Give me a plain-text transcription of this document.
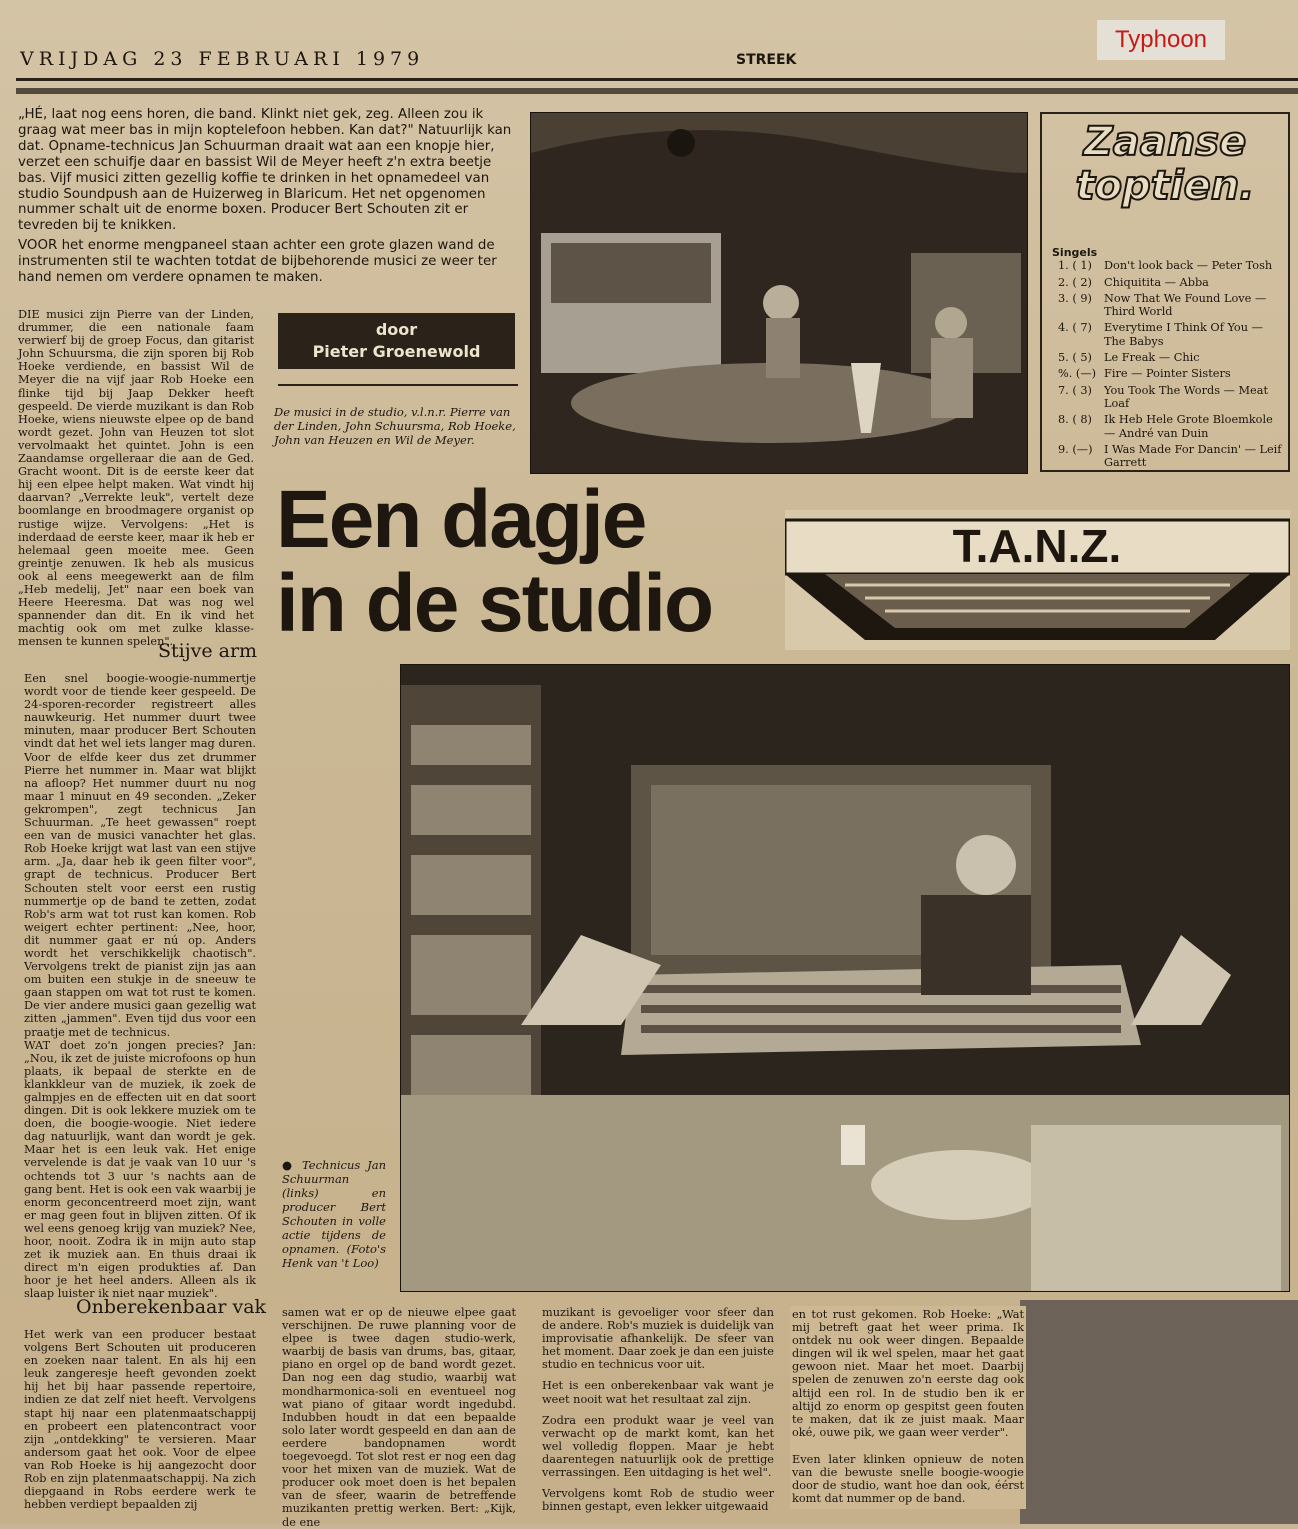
VRIJDAG 23 FEBRUARI 1979	STREEK
Typhoon

„HÉ, laat nog eens horen, die band. Klinkt niet gek, zeg. Alleen zou ik graag wat meer bas in mijn koptelefoon hebben. Kan dat?" Natuurlijk kan dat. Opname-technicus Jan Schuurman draait wat aan een knopje hier, verzet een schuifje daar en bassist Wil de Meyer heeft z'n extra beetje bas. Vijf musici zitten gezellig koffie te drinken in het opnamedeel van studio Soundpush aan de Huizerweg in Blaricum. Het net opgenomen nummer schalt uit de enorme boxen. Producer Bert Schouten zit er tevreden bij te knikken.

VOOR het enorme mengpaneel staan achter een grote glazen wand de instrumenten stil te wachten totdat de bijbehorende musici ze weer ter hand nemen om verdere opnamen te maken.

door
Pieter Groenewold
De musici in de studio, v.l.n.r. Pierre van der Linden, John Schuursma, Rob Hoeke, John van Heuzen en Wil de Meyer.

DIE musici zijn Pierre van der Linden, drummer, die een nationale faam verwierf bij de groep Focus, dan gitarist John Schuursma, die zijn sporen bij Rob Hoeke verdiende, en bassist Wil de Meyer die na vijf jaar Rob Hoeke een flinke tijd bij Jaap Dekker heeft gespeeld. De vierde muzikant is dan Rob Hoeke, wiens nieuwste elpee op de band wordt gezet. John van Heuzen tot slot vervolmaakt het quintet. John is een Zaandamse orgelleraar die aan de Ged. Gracht woont. Dit is de eerste keer dat hij een elpee helpt maken. Wat vindt hij daarvan? „Verrekte leuk", vertelt deze boomlange en broodmagere organist op rustige wijze. Vervolgens: „Het is inderdaad de eerste keer, maar ik heb er helemaal geen moeite mee. Geen greintje zenuwen. Ik heb als musicus ook al eens meegewerkt aan de film „Heb medelij, Jet" naar een boek van Heere Heeresma. Dat was nog wel spannender dan dit. En ik vind het machtig ook om met zulke klasse-mensen te kunnen spelen".

Een dagje
in de studio
Stijve arm

Een snel boogie-woogie-nummertje wordt voor de tiende keer gespeeld. De 24-sporen-recorder registreert alles nauwkeurig. Het nummer duurt twee minuten, maar producer Bert Schouten vindt dat het wel iets langer mag duren. Voor de elfde keer dus zet drummer Pierre het nummer in. Maar wat blijkt na afloop? Het nummer duurt nu nog maar 1 minuut en 49 seconden. „Zeker gekrompen", zegt technicus Jan Schuurman. „Te heet gewassen" roept een van de musici vanachter het glas. Rob Hoeke krijgt wat last van een stijve arm. „Ja, daar heb ik geen filter voor", grapt de technicus. Producer Bert Schouten stelt voor eerst een rustig nummertje op de band te zetten, zodat Rob's arm wat tot rust kan komen. Rob weigert echter pertinent: „Nee, hoor, dit nummer gaat er nú op. Anders wordt het verschikkelijk chaotisch". Vervolgens trekt de pianist zijn jas aan om buiten een stukje in de sneeuw te gaan stappen om wat tot rust te komen. De vier andere musici gaan gezellig wat zitten „jammen". Even tijd dus voor een praatje met de technicus.

WAT doet zo'n jongen precies? Jan: „Nou, ik zet de juiste microfoons op hun plaats, ik bepaal de sterkte en de klankkleur van de muziek, ik zoek de galmpjes en de effecten uit en dat soort dingen. Dit is ook lekkere muziek om te doen, die boogie-woogie. Niet iedere dag natuurlijk, want dan wordt je gek. Maar het is een leuk vak. Het enige vervelende is dat je vaak van 10 uur 's ochtends tot 3 uur 's nachts aan de gang bent. Het is ook een vak waarbij je enorm geconcentreerd moet zijn, want er mag geen fout in blijven zitten. Of ik wel eens genoeg krijg van muziek? Nee, hoor, nooit. Zodra ik in mijn auto stap zet ik muziek aan. En thuis draai ik direct m'n eigen produkties af. Dan hoor je het heel anders. Alleen als ik slaap luister ik niet naar muziek".

Zaanse
toptien.
Singels
1. ( 1)	Don't look back — Peter Tosh
2. ( 2)	Chiquitita — Abba
3. ( 9)	Now That We Found Love — Third World
4. ( 7)	Everytime I Think Of You — The Babys
5. ( 5)	Le Freak — Chic
%. (—) Fire — Pointer Sisters
7. ( 3)	You Took The Words — Meat Loaf
8. ( 8)	Ik Heb Hele Grote Bloemkole — André van Duin
9. (—)	I Was Made For Dancin' — Leif Garrett
T.A.N.Z.
● Technicus Jan Schuurman (links) en producer Bert Schouten in volle actie tijdens de opnamen. (Foto's Henk van 't Loo)
Onberekenbaar vak

Het werk van een producer bestaat volgens Bert Schouten uit produceren en zoeken naar talent. En als hij een leuk zangeresje heeft gevonden zoekt hij het bij haar passende repertoire, indien ze dat zelf niet heeft. Vervolgens stapt hij naar een platenmaatschappij en probeert een platencontract voor zijn „ontdekking" te versieren. Maar andersom gaat het ook. Voor de elpee van Rob Hoeke is hij aangezocht door Rob en zijn platenmaatschappij. Na zich diepgaand in Robs eerdere werk te hebben verdiept bepaalden zij

samen wat er op de nieuwe elpee gaat verschijnen. De ruwe planning voor de elpee is twee dagen studio-werk, waarbij de basis van drums, bas, gitaar, piano en orgel op de band wordt gezet. Dan nog een dag studio, waarbij wat mondharmonica-soli en eventueel nog wat piano of gitaar wordt ingedubd. Indubben houdt in dat een bepaalde solo later wordt gespeeld en dan aan de eerdere bandopnamen wordt toegevoegd. Tot slot rest er nog een dag voor het mixen van de muziek. Wat de producer ook moet doen is het bepalen van de sfeer, waarin de betreffende muzikanten prettig werken. Bert: „Kijk, de ene

muzikant is gevoeliger voor sfeer dan de andere. Rob's muziek is duidelijk van improvisatie afhankelijk. De sfeer van het moment. Daar zoek je dan een juiste studio en technicus voor uit.

Het is een onberekenbaar vak want je weet nooit wat het resultaat zal zijn.

Zodra een produkt waar je veel van verwacht op de markt komt, kan het wel volledig floppen. Maar je hebt daarentegen natuurlijk ook de prettige verrassingen. Een uitdaging is het wel".

Vervolgens komt Rob de studio weer binnen gestapt, even lekker uitgewaaid

en tot rust gekomen. Rob Hoeke: „Wat mij betreft gaat het weer prima. Ik ontdek nu ook weer dingen. Bepaalde dingen wil ik wel spelen, maar het gaat gewoon niet. Maar het moet. Daarbij spelen de zenuwen zo'n eerste dag ook altijd een rol. In de studio ben ik er altijd zo enorm op gespitst geen fouten te maken, dat ik ze juist maak. Maar oké, ouwe pik, we gaan weer verder".

Even later klinken opnieuw de noten van die bewuste snelle boogie-woogie door de studio, want hoe dan ook, éérst komt dat nummer op de band.
